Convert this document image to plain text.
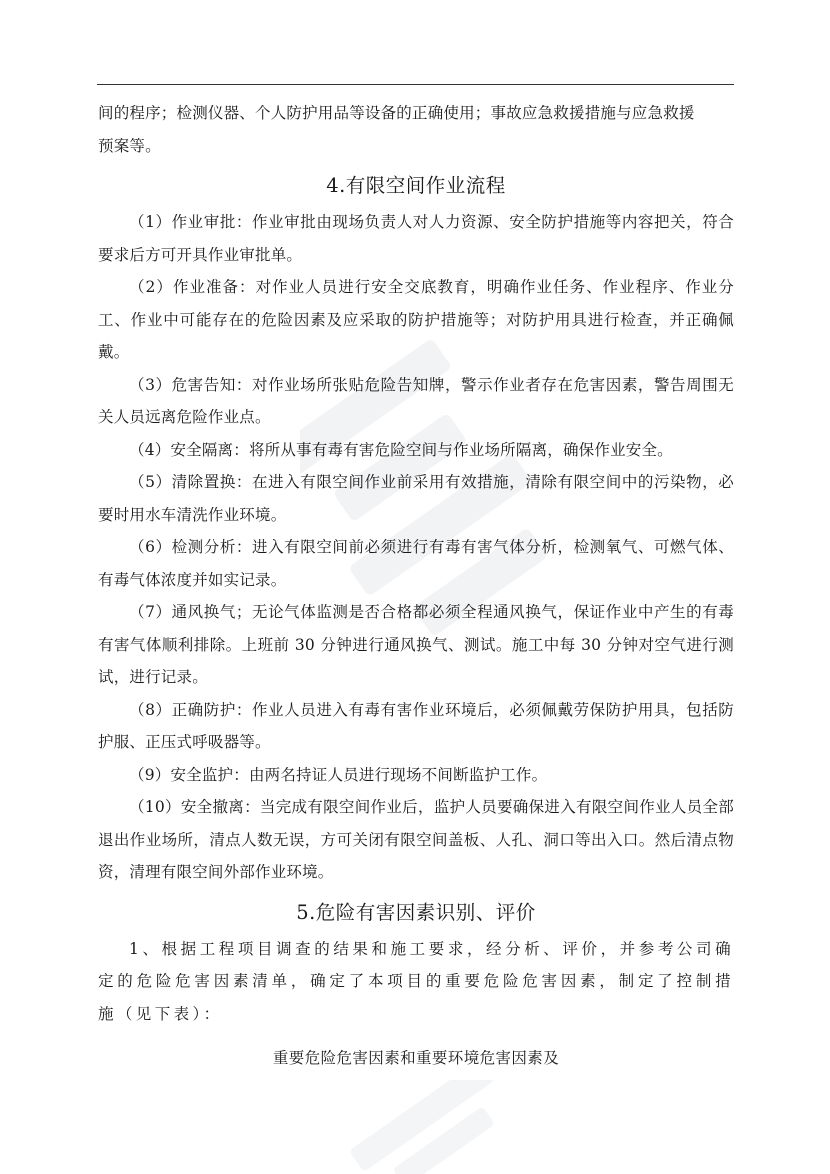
间的程序；检测仪器、个人防护用品等设备的正确使用；事故应急救援措施与应急救援

预案等。

4.有限空间作业流程

（1）作业审批：作业审批由现场负责人对人力资源、安全防护措施等内容把关，符合要求后方可开具作业审批单。

（2）作业准备：对作业人员进行安全交底教育，明确作业任务、作业程序、作业分工、作业中可能存在的危险因素及应采取的防护措施等；对防护用具进行检查，并正确佩戴。

（3）危害告知：对作业场所张贴危险告知牌，警示作业者存在危害因素，警告周围无关人员远离危险作业点。

（4）安全隔离：将所从事有毒有害危险空间与作业场所隔离，确保作业安全。

（5）清除置换：在进入有限空间作业前采用有效措施，清除有限空间中的污染物，必要时用水车清洗作业环境。

（6）检测分析：进入有限空间前必须进行有毒有害气体分析，检测氧气、可燃气体、有毒气体浓度并如实记录。

（7）通风换气；无论气体监测是否合格都必须全程通风换气，保证作业中产生的有毒有害气体顺利排除。上班前 30 分钟进行通风换气、测试。施工中每 30 分钟对空气进行测试，进行记录。

（8）正确防护：作业人员进入有毒有害作业环境后，必须佩戴劳保防护用具，包括防护服、正压式呼吸器等。

（9）安全监护：由两名持证人员进行现场不间断监护工作。

（10）安全撤离：当完成有限空间作业后，监护人员要确保进入有限空间作业人员全部退出作业场所，清点人数无误，方可关闭有限空间盖板、人孔、洞口等出入口。然后清点物资，清理有限空间外部作业环境。

5.危险有害因素识别、评价

1、根据工程项目调查的结果和施工要求，经分析、评价，并参考公司确定的危险危害因素清单，确定了本项目的重要危险危害因素，制定了控制措施（见下表）：

重要危险危害因素和重要环境危害因素及
